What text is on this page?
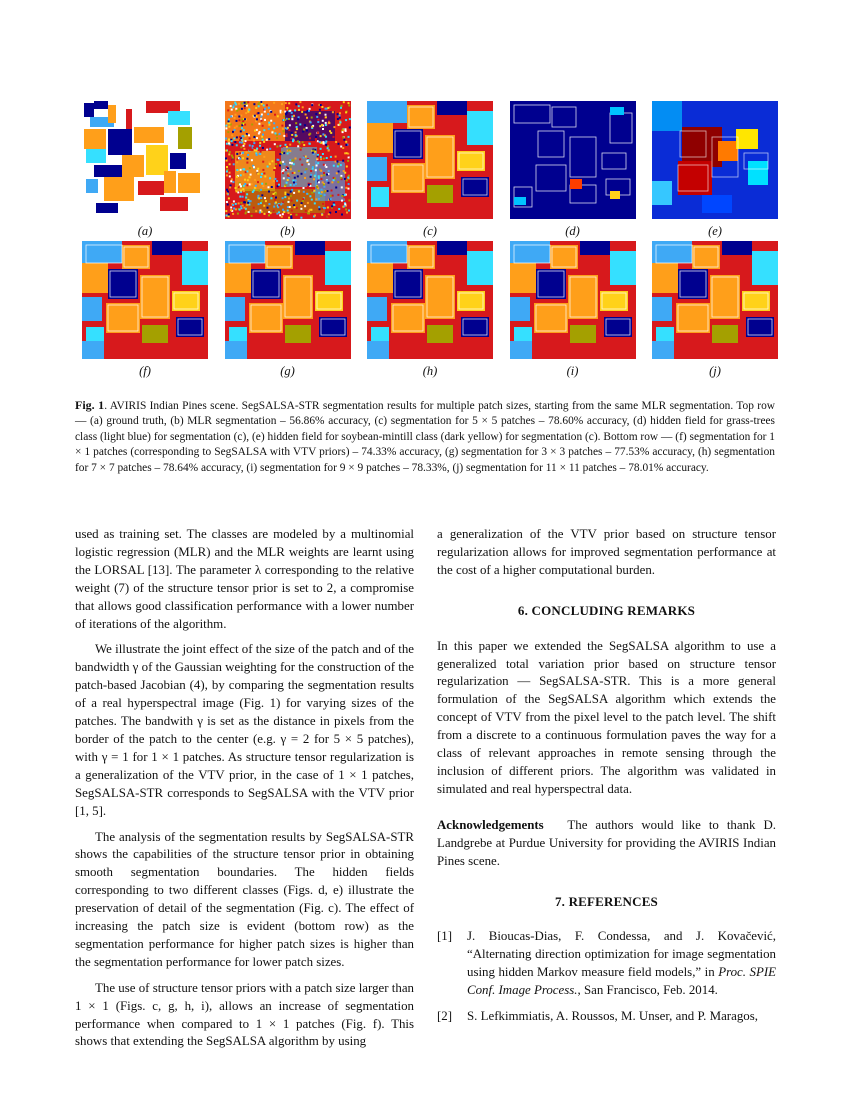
(a)	(b)	(c)	(d)	(e)
(f)	(g)	(h)	(i)	(j)
Fig. 1. AVIRIS Indian Pines scene. SegSALSA-STR segmentation results for multiple patch sizes, starting from the same MLR segmentation. Top row — (a) ground truth, (b) MLR segmentation – 56.86% accuracy, (c) segmentation for 5 × 5 patches – 78.60% accuracy, (d) hidden field for grass-trees class (light blue) for segmentation (c), (e) hidden field for soybean-mintill class (dark yellow) for segmentation (c). Bottom row — (f) segmentation for 1 × 1 patches (corresponding to SegSALSA with VTV priors) – 74.33% accuracy, (g) segmentation for 3 × 3 patches – 77.53% accuracy, (h) segmentation for 7 × 7 patches – 78.64% accuracy, (i) segmentation for 9 × 9 patches – 78.33%, (j) segmentation for 11 × 11 patches – 78.01% accuracy.

used as training set. The classes are modeled by a multinomial logistic regression (MLR) and the MLR weights are learnt using the LORSAL [13]. The parameter λ corresponding to the relative weight (7) of the structure tensor prior is set to 2, a compromise that allows good classification performance with a lower number of iterations of the algorithm.

We illustrate the joint effect of the size of the patch and of the bandwidth γ of the Gaussian weighting for the construction of the patch-based Jacobian (4), by comparing the segmentation results of a real hyperspectral image (Fig. 1) for varying sizes of the patches. The bandwith γ is set as the distance in pixels from the border of the patch to the center (e.g. γ = 2 for 5 × 5 patches), with γ = 1 for 1 × 1 patches. As structure tensor regularization is a generalization of the VTV prior, in the case of 1 × 1 patches, SegSALSA-STR corresponds to SegSALSA with the VTV prior [1, 5].

The analysis of the segmentation results by SegSALSA-STR shows the capabilities of the structure tensor prior in obtaining smooth segmentation boundaries. The hidden fields corresponding to two different classes (Figs. d, e) illustrate the preservation of detail of the segmentation (Fig. c). The effect of increasing the patch size is evident (bottom row) as the segmentation performance for higher patch sizes is higher than the segmentation performance for lower patch sizes.

The use of structure tensor priors with a patch size larger than 1 × 1 (Figs. c, g, h, i), allows an increase of segmentation performance when compared to 1 × 1 patches (Fig. f). This shows that extending the SegSALSA algorithm by using

a generalization of the VTV prior based on structure tensor regularization allows for improved segmentation performance at the cost of a higher computational burden.

6. CONCLUDING REMARKS

In this paper we extended the SegSALSA algorithm to use a generalized total variation prior based on structure tensor regularization — SegSALSA-STR. This is a more general formulation of the SegSALSA algorithm which extends the concept of VTV from the pixel level to the patch level. The shift from a discrete to a continuous formulation paves the way for a class of relevant approaches in remote sensing through the inclusion of different priors. The algorithm was validated in simulated and real hyperspectral data.

Acknowledgements The authors would like to thank D. Landgrebe at Purdue University for providing the AVIRIS Indian Pines scene.

7. REFERENCES
[1]	J. Bioucas-Dias, F. Condessa, and J. Kovačević, “Alternating direction optimization for image segmentation using hidden Markov measure field models,” in Proc. SPIE Conf. Image Process., San Francisco, Feb. 2014.
[2]	S. Lefkimmiatis, A. Roussos, M. Unser, and P. Maragos,
